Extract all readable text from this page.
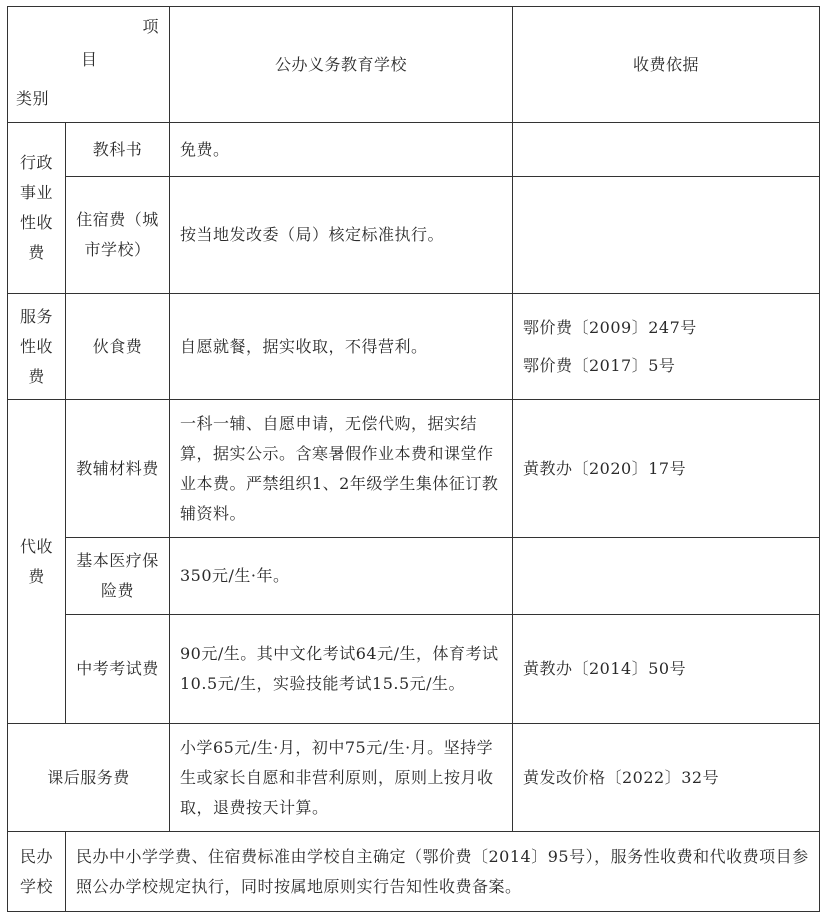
项
目
类别		公办义务教育学校	收费依据
行政事业性收费	教科书	免费。	
	住宿费（城市学校）	按当地发改委（局）核定标准执行。	
服务性收费	伙食费	自愿就餐，据实收取，不得营利。	鄂价费〔2009〕247号
鄂价费〔2017〕5号

代收费	教辅材料费	一科一辅、自愿申请，无偿代购，据实结算，据实公示。含寒暑假作业本费和课堂作业本费。严禁组织1、2年级学生集体征订教辅资料。	黄教办〔2020〕17号
	基本医疗保险费	350元/生·年。	
	中考考试费	90元/生。其中文化考试64元/生，体育考试10.5元/生，实验技能考试15.5元/生。	黄教办〔2014〕50号
课后服务费		小学65元/生·月，初中75元/生·月。坚持学生或家长自愿和非营利原则，原则上按月收取，退费按天计算。	黄发改价格〔2022〕32号
民办学校	民办中小学学费、住宿费标准由学校自主确定（鄂价费〔2014〕95号），服务性收费和代收费项目参照公办学校规定执行，同时按属地原则实行告知性收费备案。		
